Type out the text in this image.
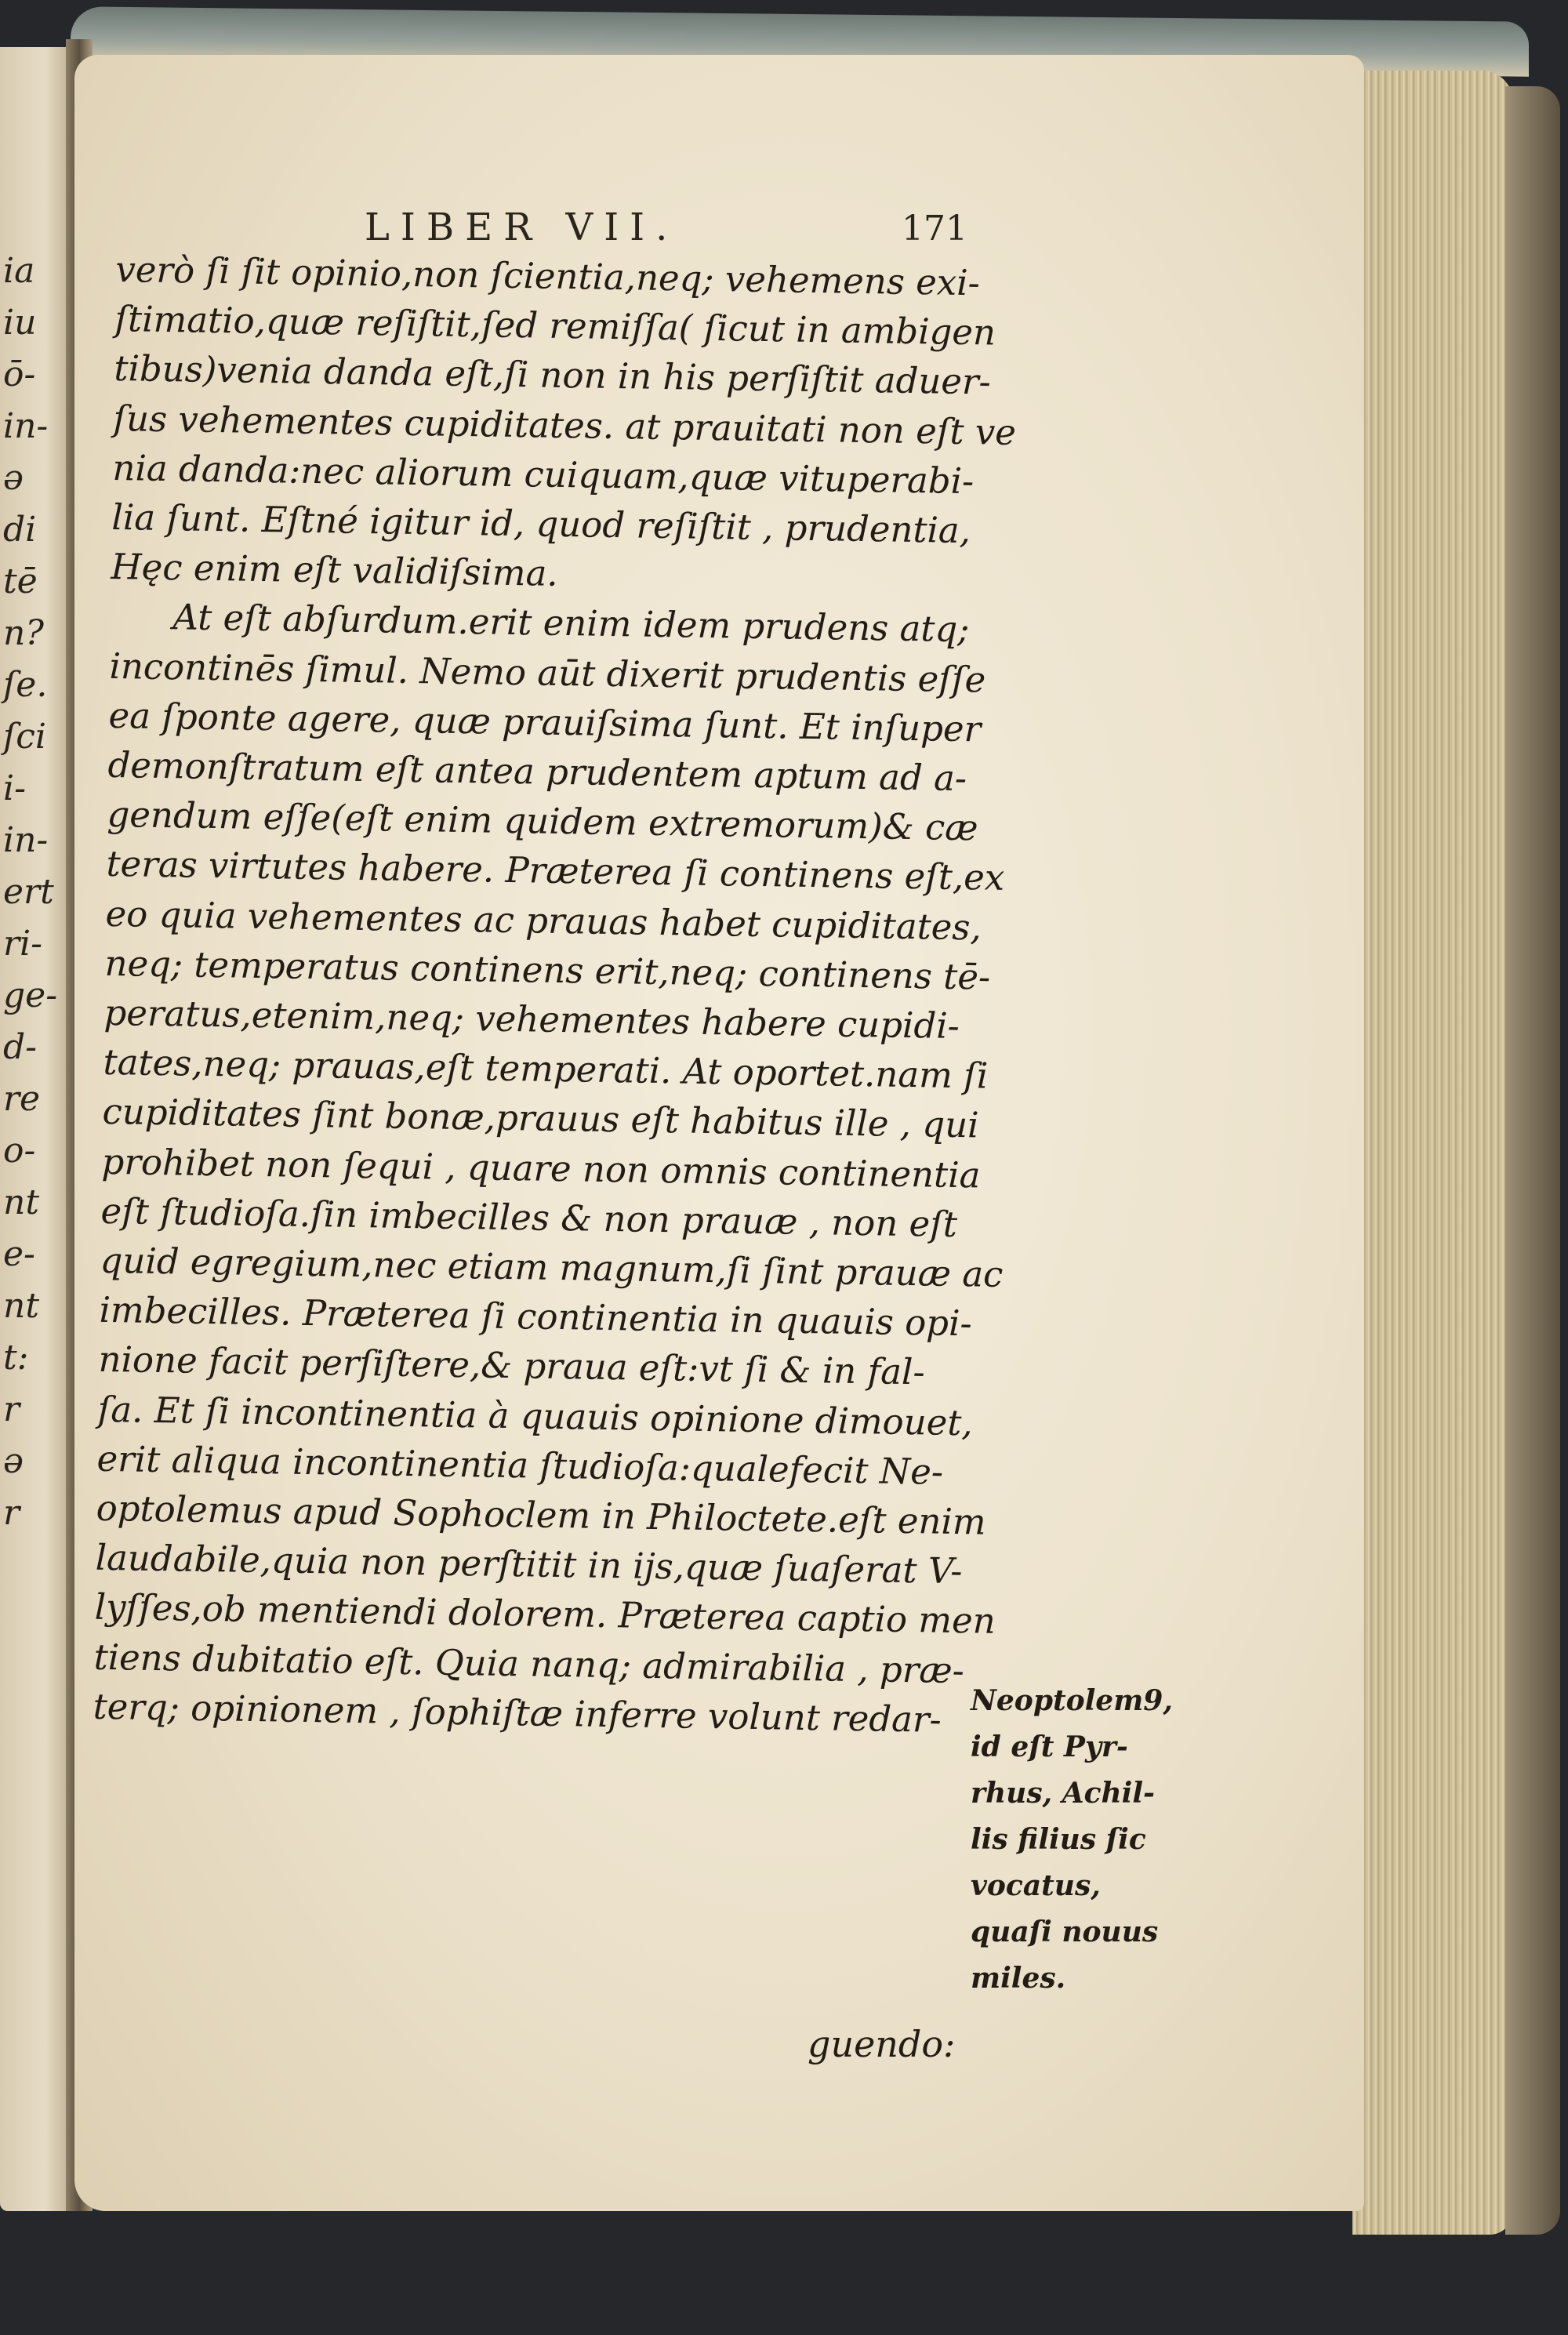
ia
iu
ō-
in-
ǝ
di
tē
n?
ſe.
ſci
i-
in-
ert
ri-
ge-
d-
re
o-
nt
e-
nt
t:
r
ǝ
r
LIBER VII.	171
verò ſi ſit opinio,non ſcientia,neq; vehemens exi-
ſtimatio,quæ reſiſtit,ſed remiſſa( ſicut in ambigen
tibus)venia danda eſt,ſi non in his perſiſtit aduer-
ſus vehementes cupiditates. at prauitati non eſt ve
nia danda:nec aliorum cuiquam,quæ vituperabi-
lia ſunt. Eſtné igitur id, quod reſiſtit , prudentia,
Hęc enim eſt validiſsima.
At eſt abſurdum.erit enim idem prudens atq;
incontinēs ſimul. Nemo aūt dixerit prudentis eſſe
ea ſponte agere, quæ prauiſsima ſunt. Et inſuper
demonſtratum eſt antea prudentem aptum ad a-
gendum eſſe(eſt enim quidem extremorum)& cæ
teras virtutes habere. Præterea ſi continens eſt,ex
eo quia vehementes ac prauas habet cupiditates,
neq; temperatus continens erit,neq; continens tē-
peratus,etenim,neq; vehementes habere cupidi-
tates,neq; prauas,eſt temperati. At oportet.nam ſi
cupiditates ſint bonæ,prauus eſt habitus ille , qui
prohibet non ſequi , quare non omnis continentia
eſt ſtudioſa.ſin imbecilles & non prauæ , non eſt
quid egregium,nec etiam magnum,ſi ſint prauæ ac
imbecilles. Præterea ſi continentia in quauis opi-
nione facit perſiſtere,& praua eſt:vt ſi & in fal-
ſa. Et ſi incontinentia à quauis opinione dimouet,
erit aliqua incontinentia ſtudioſa:qualefecit Ne-
optolemus apud Sophoclem in Philoctete.eſt enim
laudabile,quia non perſtitit in ijs,quæ ſuaſerat V-
lyſſes,ob mentiendi dolorem. Præterea captio men
tiens dubitatio eſt. Quia nanq; admirabilia , præ-
terq; opinionem , ſophiſtæ inferre volunt redar- Neoptolem9,
id eſt Pyr-
rhus, Achil-
lis filius ſic
vocatus,
quaſi nouus
miles.
guendo:
